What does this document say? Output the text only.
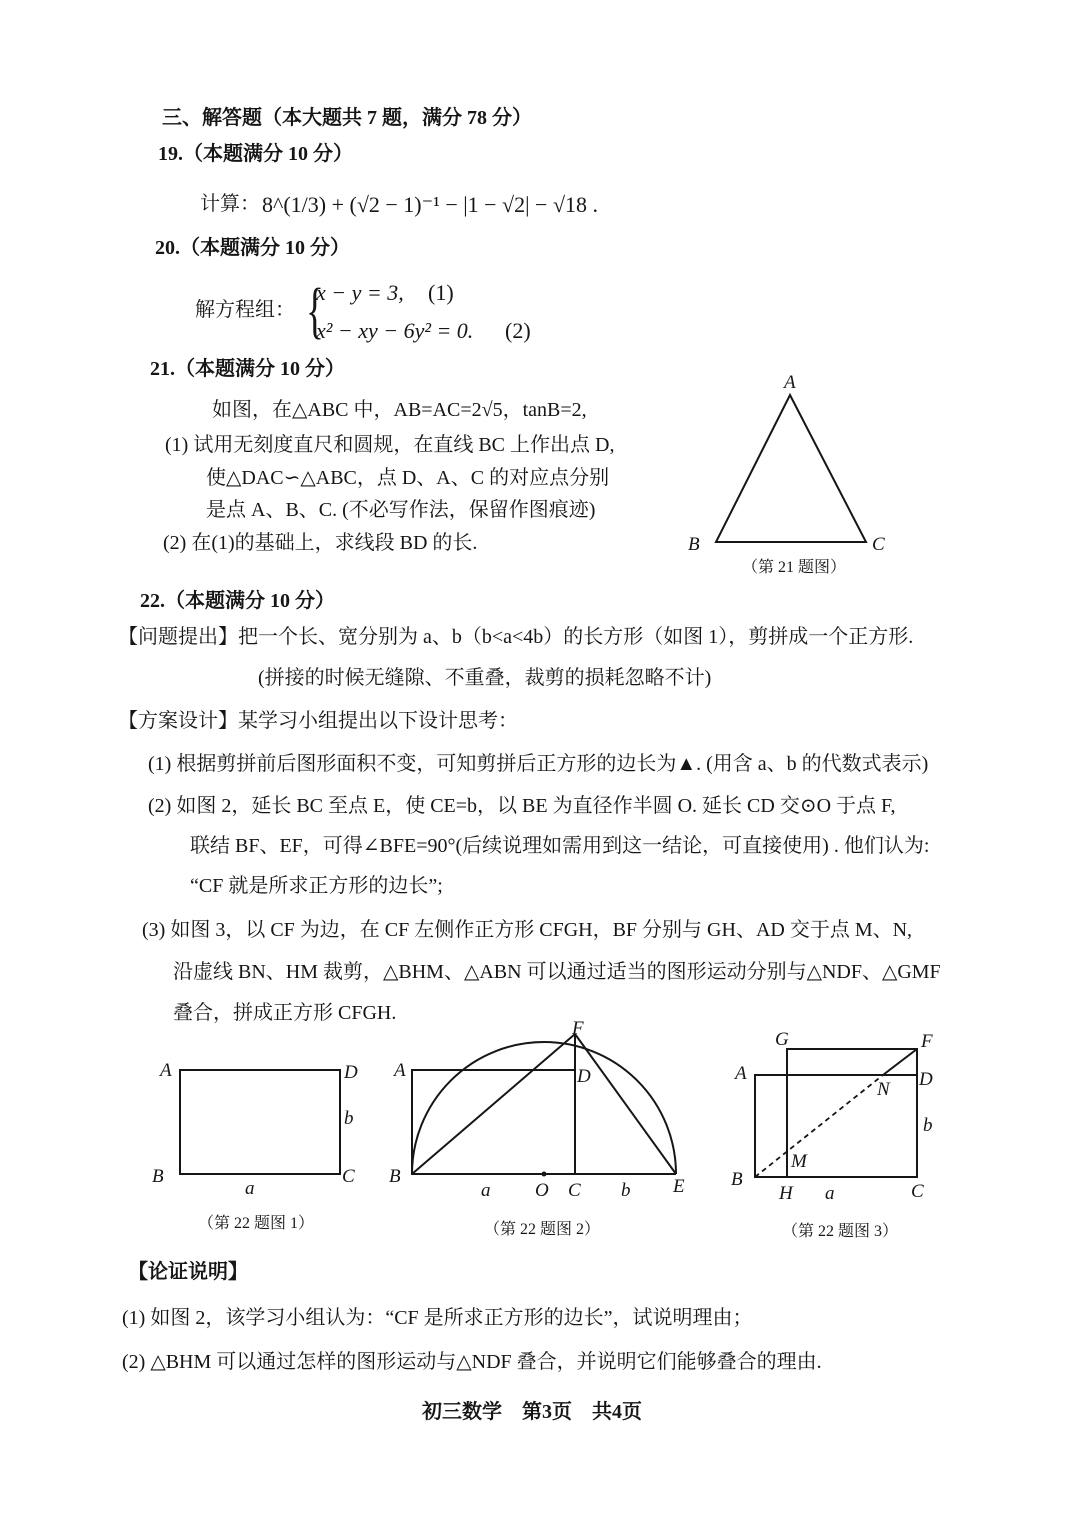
三、解答题（本大题共 7 题，满分 78 分）
19.（本题满分 10 分）
计算： 8^(1/3) + (√2 − 1)⁻¹ − |1 − √2| − √18 .
20.（本题满分 10 分）
解方程组： {
x − y = 3, (1)
x² − xy − 6y² = 0. (2)
21.（本题满分 10 分）
如图，在△ABC 中，AB=AC=2√5，tanB=2,
(1) 试用无刻度直尺和圆规，在直线 BC 上作出点 D,
使△DAC∽△ABC，点 D、A、C 的对应点分别
是点 A、B、C. (不必写作法，保留作图痕迹)
(2) 在(1)的基础上，求线段 BD 的长.
A
B	C
（第 21 题图）
22.（本题满分 10 分）
【问题提出】把一个长、宽分别为 a、b（b<a<4b）的长方形（如图 1），剪拼成一个正方形.
(拼接的时候无缝隙、不重叠，裁剪的损耗忽略不计)
【方案设计】某学习小组提出以下设计思考：
(1) 根据剪拼前后图形面积不变，可知剪拼后正方形的边长为▲. (用含 a、b 的代数式表示)
(2) 如图 2，延长 BC 至点 E，使 CE=b，以 BE 为直径作半圆 O. 延长 CD 交⊙O 于点 F,
联结 BF、EF，可得∠BFE=90°(后续说理如需用到这一结论，可直接使用) . 他们认为:
“CF 就是所求正方形的边长”;
(3) 如图 3，以 CF 为边，在 CF 左侧作正方形 CFGH，BF 分别与 GH、AD 交于点 M、N,
沿虚线 BN、HM 裁剪，△BHM、△ABN 可以通过适当的图形运动分别与△NDF、△GMF
叠合，拼成正方形 CFGH.
A	D
B	C
a
b
（第 22 题图 1）
A	D
F
B	E
a O C b
（第 22 题图 2）
G	F
A	D
N
b
M
B
H a	C
（第 22 题图 3）
【论证说明】
(1) 如图 2，该学习小组认为：“CF 是所求正方形的边长”，试说明理由；
(2) △BHM 可以通过怎样的图形运动与△NDF 叠合，并说明它们能够叠合的理由.
初三数学　第3页　共4页
